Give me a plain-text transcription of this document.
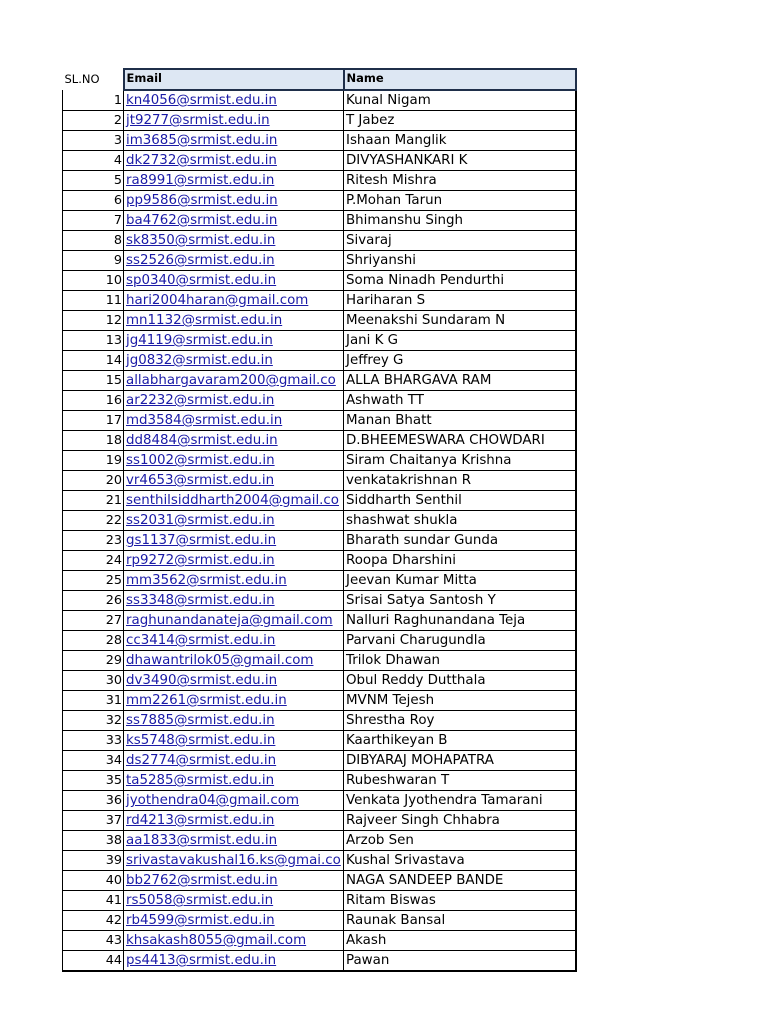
SL.NO	Email	Name
1	kn4056@srmist.edu.in	Kunal Nigam
2	jt9277@srmist.edu.in	T Jabez
3	im3685@srmist.edu.in	Ishaan Manglik
4	dk2732@srmist.edu.in	DIVYASHANKARI K
5	ra8991@srmist.edu.in	Ritesh Mishra
6	pp9586@srmist.edu.in	P.Mohan Tarun
7	ba4762@srmist.edu.in	Bhimanshu Singh
8	sk8350@srmist.edu.in	Sivaraj
9	ss2526@srmist.edu.in	Shriyanshi
10	sp0340@srmist.edu.in	Soma Ninadh Pendurthi
11	hari2004haran@gmail.com	Hariharan S
12	mn1132@srmist.edu.in	Meenakshi Sundaram N
13	jg4119@srmist.edu.in	Jani K G
14	jg0832@srmist.edu.in	Jeffrey G
15	allabhargavaram200@gmail.co	ALLA BHARGAVA RAM
16	ar2232@srmist.edu.in	Ashwath TT
17	md3584@srmist.edu.in	Manan Bhatt
18	dd8484@srmist.edu.in	D.BHEEMESWARA CHOWDARI
19	ss1002@srmist.edu.in	Siram Chaitanya Krishna
20	vr4653@srmist.edu.in	venkatakrishnan R
21	senthilsiddharth2004@gmail.co	Siddharth Senthil
22	ss2031@srmist.edu.in	shashwat shukla
23	gs1137@srmist.edu.in	Bharath sundar Gunda
24	rp9272@srmist.edu.in	Roopa Dharshini
25	mm3562@srmist.edu.in	Jeevan Kumar Mitta
26	ss3348@srmist.edu.in	Srisai Satya Santosh Y
27	raghunandanateja@gmail.com	Nalluri Raghunandana Teja
28	cc3414@srmist.edu.in	Parvani Charugundla
29	dhawantrilok05@gmail.com	Trilok Dhawan
30	dv3490@srmist.edu.in	Obul Reddy Dutthala
31	mm2261@srmist.edu.in	MVNM Tejesh
32	ss7885@srmist.edu.in	Shrestha Roy
33	ks5748@srmist.edu.in	Kaarthikeyan B
34	ds2774@srmist.edu.in	DIBYARAJ MOHAPATRA
35	ta5285@srmist.edu.in	Rubeshwaran T
36	jyothendra04@gmail.com	Venkata Jyothendra Tamarani
37	rd4213@srmist.edu.in	Rajveer Singh Chhabra
38	aa1833@srmist.edu.in	Arzob Sen
39	srivastavakushal16.ks@gmai.co	Kushal Srivastava
40	bb2762@srmist.edu.in	NAGA SANDEEP BANDE
41	rs5058@srmist.edu.in	Ritam Biswas
42	rb4599@srmist.edu.in	Raunak Bansal
43	khsakash8055@gmail.com	Akash
44	ps4413@srmist.edu.in	Pawan
